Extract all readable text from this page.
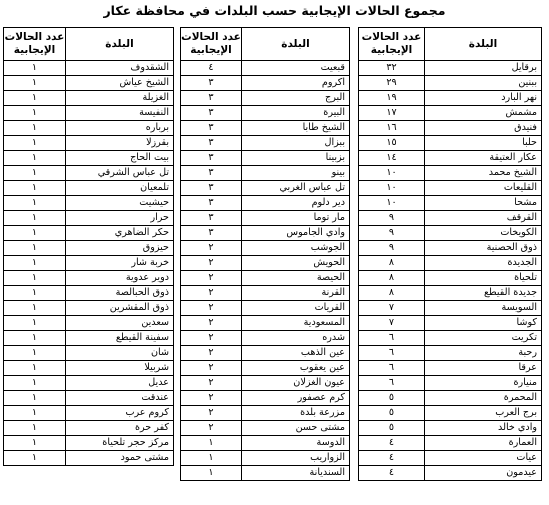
مجموع الحالات الإيجابية حسب البلدات في محافظة عكار
البلدة	عدد الحالات الإيجابية
برقايل	٣٢
ببنين	٢٩
نهر البارد	١٩
مشمش	١٧
فنيدق	١٦
حلبا	١٥
عكار العتيقة	١٤
الشيخ محمد	١٠
القليعات	١٠
مشحا	١٠
القرقف	٩
الكويخات	٩
ذوق الحصنية	٩
الجديدة	٨
تلحياة	٨
جديدة القيطع	٨
السويسة	٧
كوشا	٧
تكريت	٦
رحبة	٦
عرقا	٦
منيارة	٦
المحمرة	٥
برج العرب	٥
وادي خالد	٥
العمارة	٤
عيات	٤
عيدمون	٤
البلدة	عدد الحالات الإيجابية
قبعيت	٤
اكروم	٣
البرج	٣
البيرة	٣
الشيخ طابا	٣
ببزال	٣
بزبينا	٣
بينو	٣
تل عباس الغربي	٣
دير دلوم	٣
مار توما	٣
وادي الجاموس	٣
الجوشب	٢
الحويش	٢
الحيصة	٢
القرنة	٢
القريات	٢
المسعودية	٢
شدره	٢
عين الذهب	٢
عين يعقوب	٢
عيون الغزلان	٢
كرم عصفور	٢
مزرعة بلدة	٢
مشتى حسن	٢
الدوسة	١
الزواريب	١
السنديانة	١
البلدة	عدد الحالات الإيجابية
الشقدوف	١
الشيخ عياش	١
الغزيلة	١
النفيسة	١
برباره	١
بقرزلا	١
بيت الحاج	١
تل عباس الشرقي	١
تلمعيان	١
حيشيت	١
حرار	١
حكر الضاهري	١
حيزوق	١
خربة شار	١
دوير عدوية	١
ذوق الحبالصة	١
ذوق المقشرين	١
سعدين	١
سفينة القيطع	١
شان	١
شربيلا	١
عديل	١
عندقت	١
كروم عرب	١
كفر حرة	١
مركز حجر تلحياة	١
مشتى حمود	١
